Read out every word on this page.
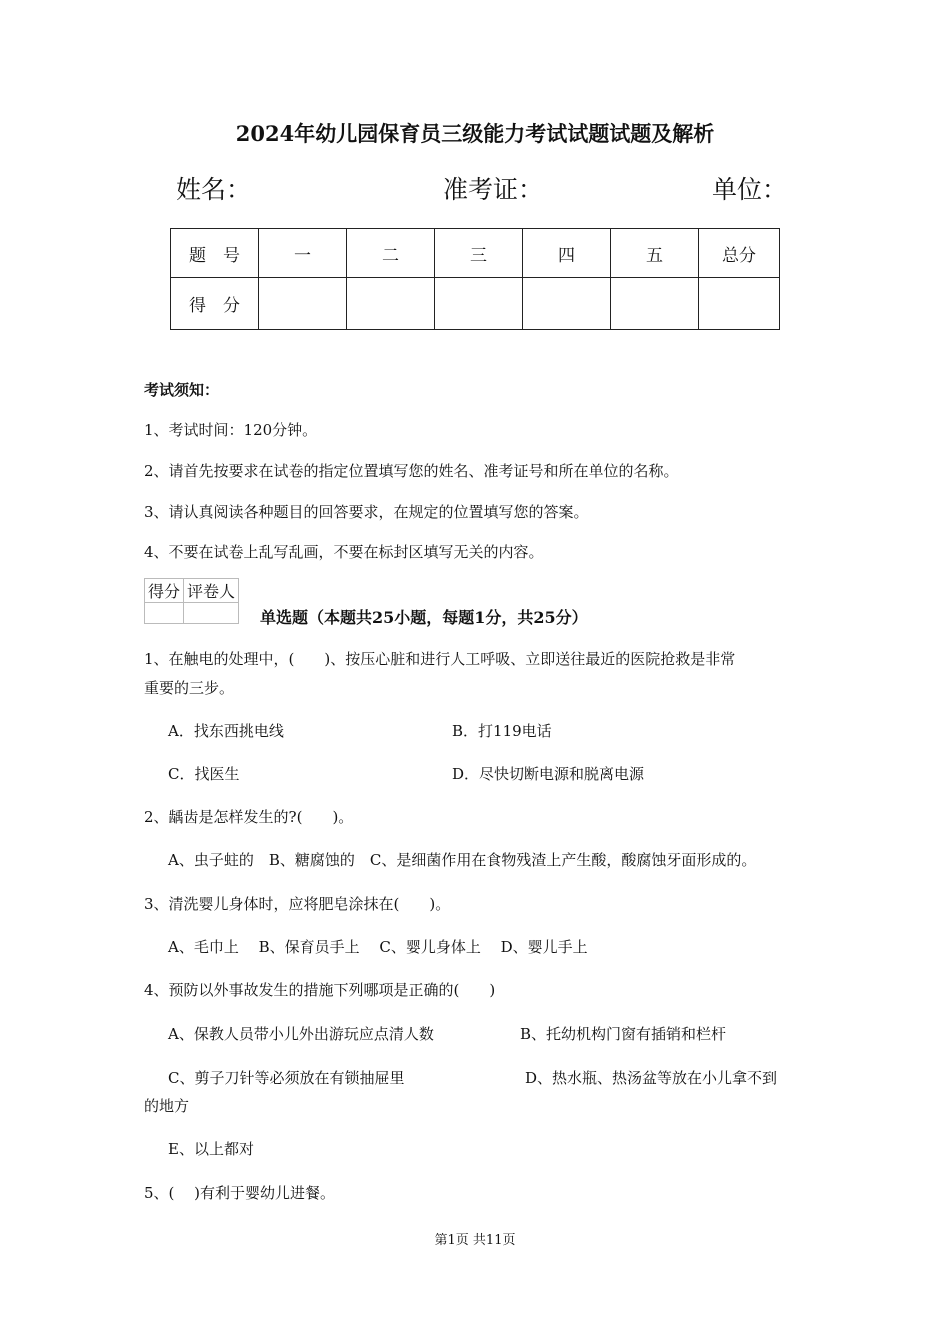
2024年幼儿园保育员三级能力考试试题试题及解析
姓名：	准考证：	单位：
题　号	一	二	三	四	五	总分
得　分						
考试须知：
1、考试时间：120分钟。
2、请首先按要求在试卷的指定位置填写您的姓名、准考证号和所在单位的名称。
3、请认真阅读各种题目的回答要求，在规定的位置填写您的答案。
4、不要在试卷上乱写乱画，不要在标封区填写无关的内容。
得分	评卷人

单选题（本题共25小题，每题1分，共25分）
1、在触电的处理中，(　　)、按压心脏和进行人工呼吸、立即送往最近的医院抢救是非常
重要的三步。
A．找东西挑电线	B．打119电话
C．找医生	D．尽快切断电源和脱离电源
2、龋齿是怎样发生的?(　　)。
A、虫子蛀的　B、糖腐蚀的　C、是细菌作用在食物残渣上产生酸，酸腐蚀牙面形成的。
3、清洗婴儿身体时，应将肥皂涂抹在(　　)。
A、毛巾上　 B、保育员手上　 C、婴儿身体上　 D、婴儿手上
4、预防以外事故发生的措施下列哪项是正确的(　　)
A、保教人员带小儿外出游玩应点清人数	B、托幼机构门窗有插销和栏杆
C、剪子刀针等必须放在有锁抽屉里	D、热水瓶、热汤盆等放在小儿拿不到
的地方
E、以上都对
5、(　 )有利于婴幼儿进餐。
第1页 共11页
